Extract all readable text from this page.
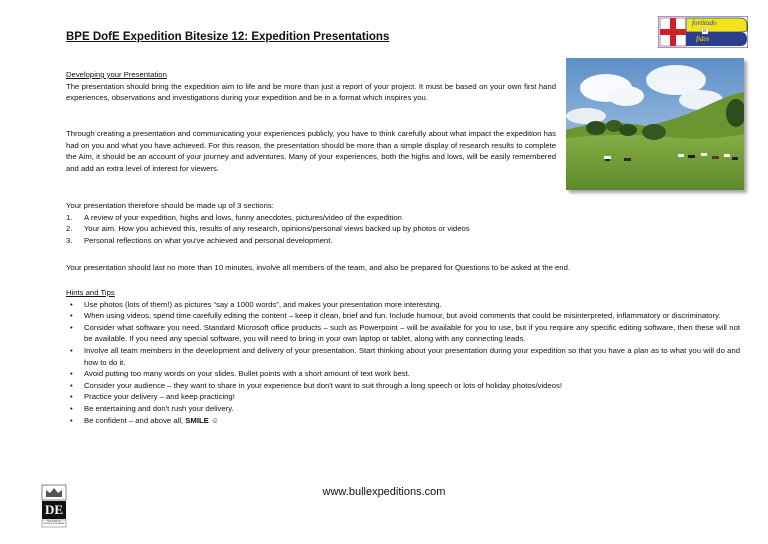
BPE DofE Expedition Bitesize 12: Expedition Presentations
fortitudo
et
fides
Developing your Presentation
The presentation should bring the expedition aim to life and be more than just a report of your project. It must be based on your own first hand experiences, observations and investigations during your expedition and be in a format which inspires you.
Through creating a presentation and communicating your experiences publicly, you have to think carefully about what impact the expedition has had on you and what you have achieved. For this reason, the presentation should be more than a simple display of research results to complete the Aim, it should be an account of your journey and adventures. Many of your experiences, both the highs and lows, will be easily remembered and add an extra level of interest for viewers.
Your presentation therefore should be made up of 3 sections:
1.	A review of your expedition, highs and lows, funny anecdotes, pictures/video of the expedition
2.	Your aim. How you achieved this, results of any research, opinions/personal views backed up by photos or videos
3.	Personal reflections on what you've achieved and personal development.
Your presentation should last no more than 10 minutes, involve all members of the team, and also be prepared for Questions to be asked at the end.
Hints and Tips
•	Use photos (lots of them!) as pictures “say a 1000 words”, and makes your presentation more interesting.
•	When using videos, spend time carefully editing the content – keep it clean, brief and fun. Include humour, but avoid comments that could be misinterpreted, inflammatory or discriminatory.
•	Consider what software you need. Standard Microsoft office products – such as Powerpoint – will be available for you to use, but if you require any specific editing software, then these will not be available. If you need any special software, you will need to bring in your own laptop or tablet, along with any connecting leads.
•	Involve all team members in the development and delivery of your presentation. Start thinking about your presentation during your expedition so that you have a plan as to what you will do and how to do it.
•	Avoid putting too many words on your slides. Bullet points with a short amount of text work best.
•	Consider your audience – they want to share in your experience but don't want to suit through a long speech or lots of holiday photos/videos!
•	Practice your delivery – and keep practicing!
•	Be entertaining and don't rush your delivery.
•	Be confident – and above all, SMILE ☺
DE
THE DUKE OF EDINBURGH'S AWARD
www.bullexpeditions.com
